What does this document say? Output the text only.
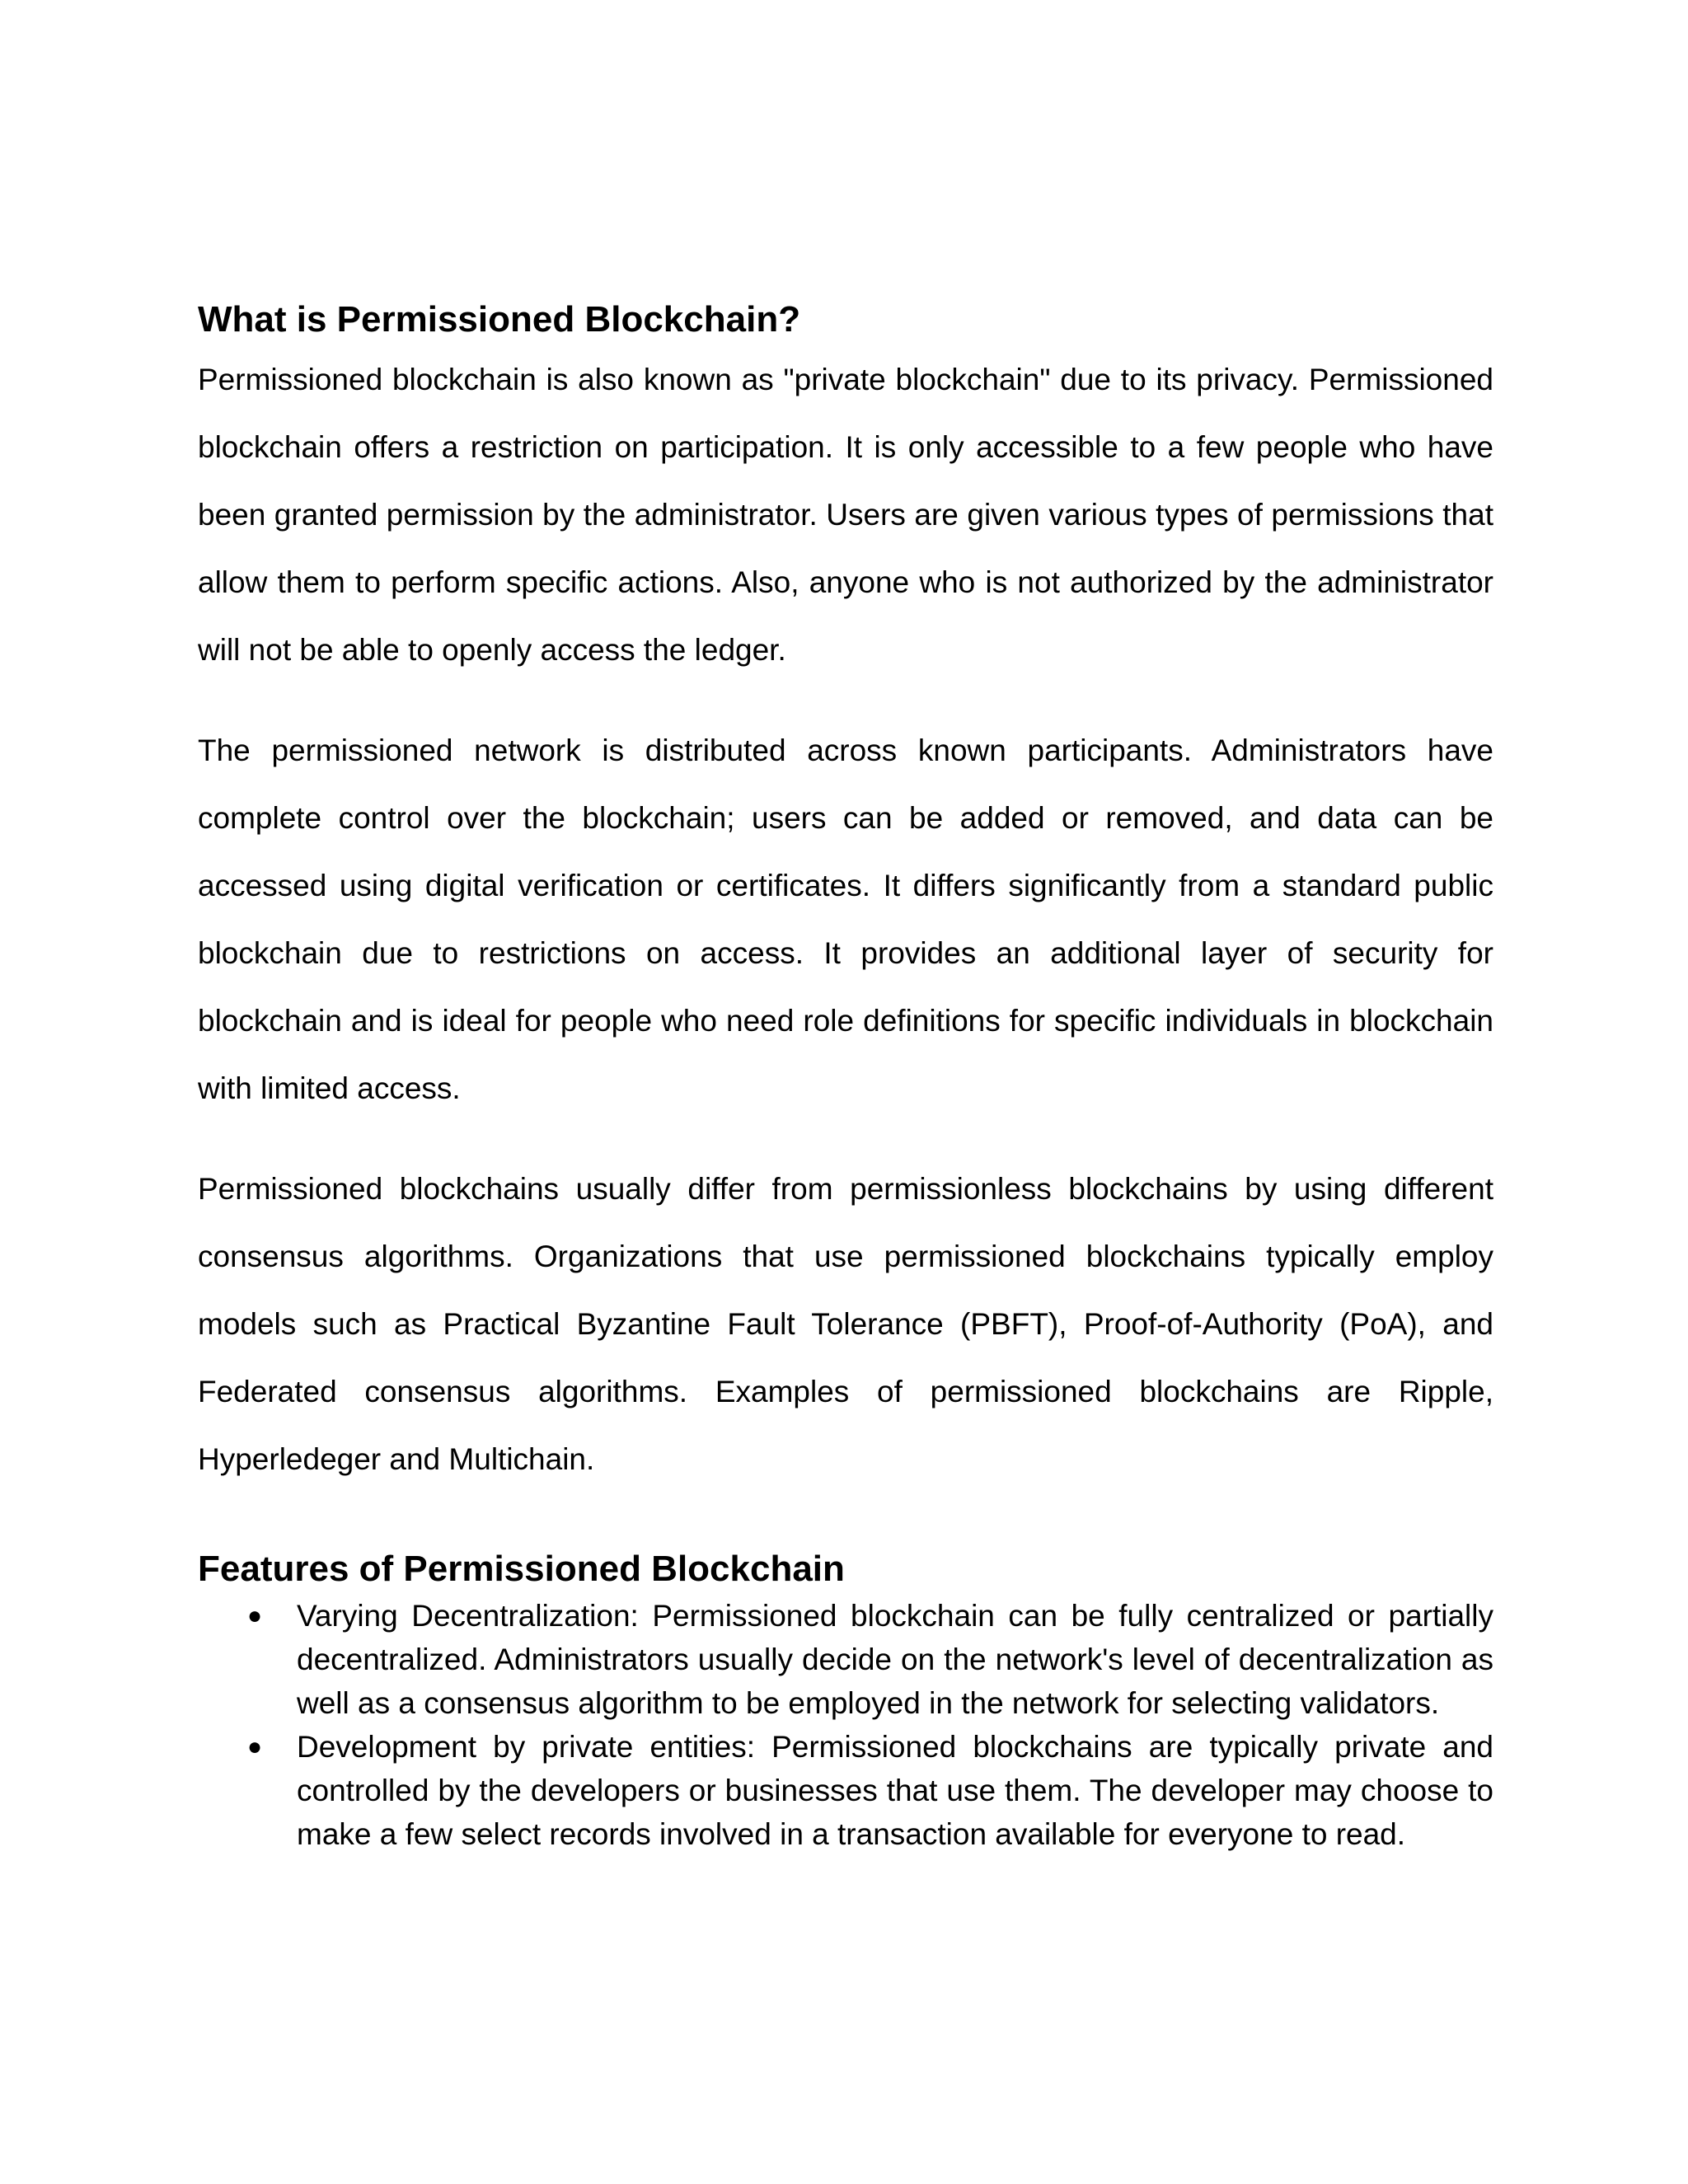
What is Permissioned Blockchain?

Permissioned blockchain is also known as "private blockchain" due to its privacy. Permissioned blockchain offers a restriction on participation. It is only accessible to a few people who have been granted permission by the administrator. Users are given various types of permissions that allow them to perform specific actions. Also, anyone who is not authorized by the administrator will not be able to openly access the ledger.

The permissioned network is distributed across known participants. Administrators have complete control over the blockchain; users can be added or removed, and data can be accessed using digital verification or certificates. It differs significantly from a standard public blockchain due to restrictions on access. It provides an additional layer of security for blockchain and is ideal for people who need role definitions for specific individuals in blockchain with limited access.

Permissioned blockchains usually differ from permissionless blockchains by using different consensus algorithms. Organizations that use permissioned blockchains typically employ models such as Practical Byzantine Fault Tolerance (PBFT), Proof-of-Authority (PoA), and Federated consensus algorithms. Examples of permissioned blockchains are Ripple, Hyperledeger and Multichain.

Features of Permissioned Blockchain
● Varying Decentralization: Permissioned blockchain can be fully centralized or partially decentralized. Administrators usually decide on the network's level of decentralization as well as a consensus algorithm to be employed in the network for selecting validators.
● Development by private entities: Permissioned blockchains are typically private and controlled by the developers or businesses that use them. The developer may choose to make a few select records involved in a transaction available for everyone to read.
